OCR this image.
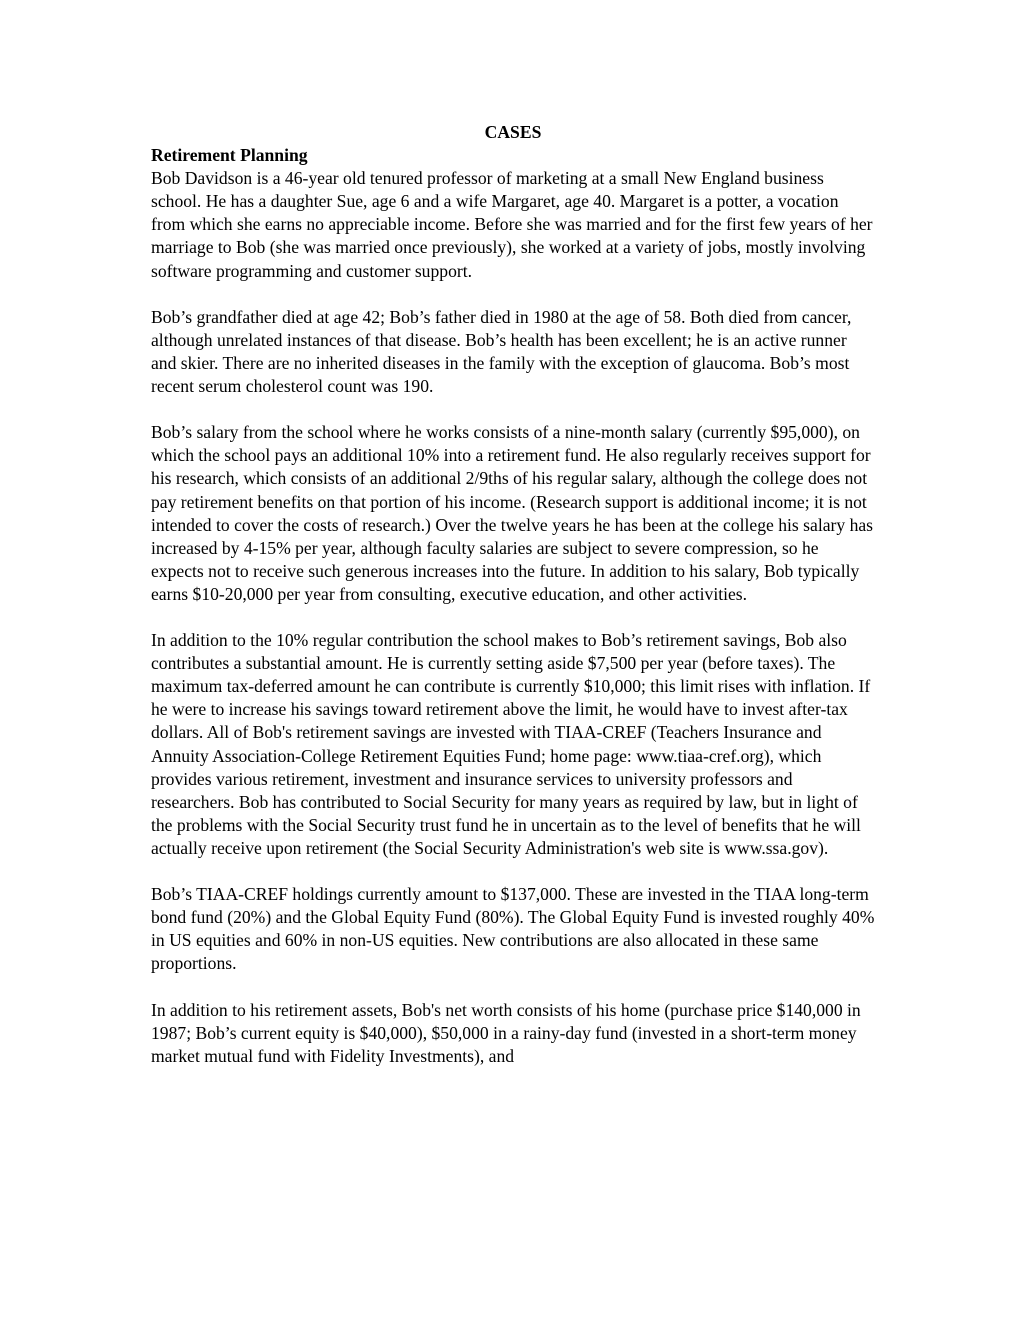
CASES

Retirement Planning

Bob Davidson is a 46-year old tenured professor of marketing at a small New England business school. He has a daughter Sue, age 6 and a wife Margaret, age 40. Margaret is a potter, a vocation from which she earns no appreciable income. Before she was married and for the first few years of her marriage to Bob (she was married once previously), she worked at a variety of jobs, mostly involving software programming and customer support.

Bob’s grandfather died at age 42; Bob’s father died in 1980 at the age of 58. Both died from cancer, although unrelated instances of that disease. Bob’s health has been excellent; he is an active runner and skier. There are no inherited diseases in the family with the exception of glaucoma. Bob’s most recent serum cholesterol count was 190.

Bob’s salary from the school where he works consists of a nine-month salary (currently $95,000), on which the school pays an additional 10% into a retirement fund. He also regularly receives support for his research, which consists of an additional 2/9ths of his regular salary, although the college does not pay retirement benefits on that portion of his income. (Research support is additional income; it is not intended to cover the costs of research.) Over the twelve years he has been at the college his salary has increased by 4-15% per year, although faculty salaries are subject to severe compression, so he expects not to receive such generous increases into the future. In addition to his salary, Bob typically earns $10-20,000 per year from consulting, executive education, and other activities.

In addition to the 10% regular contribution the school makes to Bob’s retirement savings, Bob also contributes a substantial amount. He is currently setting aside $7,500 per year (before taxes). The maximum tax-deferred amount he can contribute is currently $10,000; this limit rises with inflation. If he were to increase his savings toward retirement above the limit, he would have to invest after-tax dollars. All of Bob's retirement savings are invested with TIAA-CREF (Teachers Insurance and Annuity Association-College Retirement Equities Fund; home page: www.tiaa-cref.org), which provides various retirement, investment and insurance services to university professors and researchers. Bob has contributed to Social Security for many years as required by law, but in light of the problems with the Social Security trust fund he in uncertain as to the level of benefits that he will actually receive upon retirement (the Social Security Administration's web site is www.ssa.gov).

Bob’s TIAA-CREF holdings currently amount to $137,000. These are invested in the TIAA long-term bond fund (20%) and the Global Equity Fund (80%). The Global Equity Fund is invested roughly 40% in US equities and 60% in non-US equities. New contributions are also allocated in these same proportions.

In addition to his retirement assets, Bob's net worth consists of his home (purchase price $140,000 in 1987; Bob’s current equity is $40,000), $50,000 in a rainy-day fund (invested in a short-term money market mutual fund with Fidelity Investments), and
